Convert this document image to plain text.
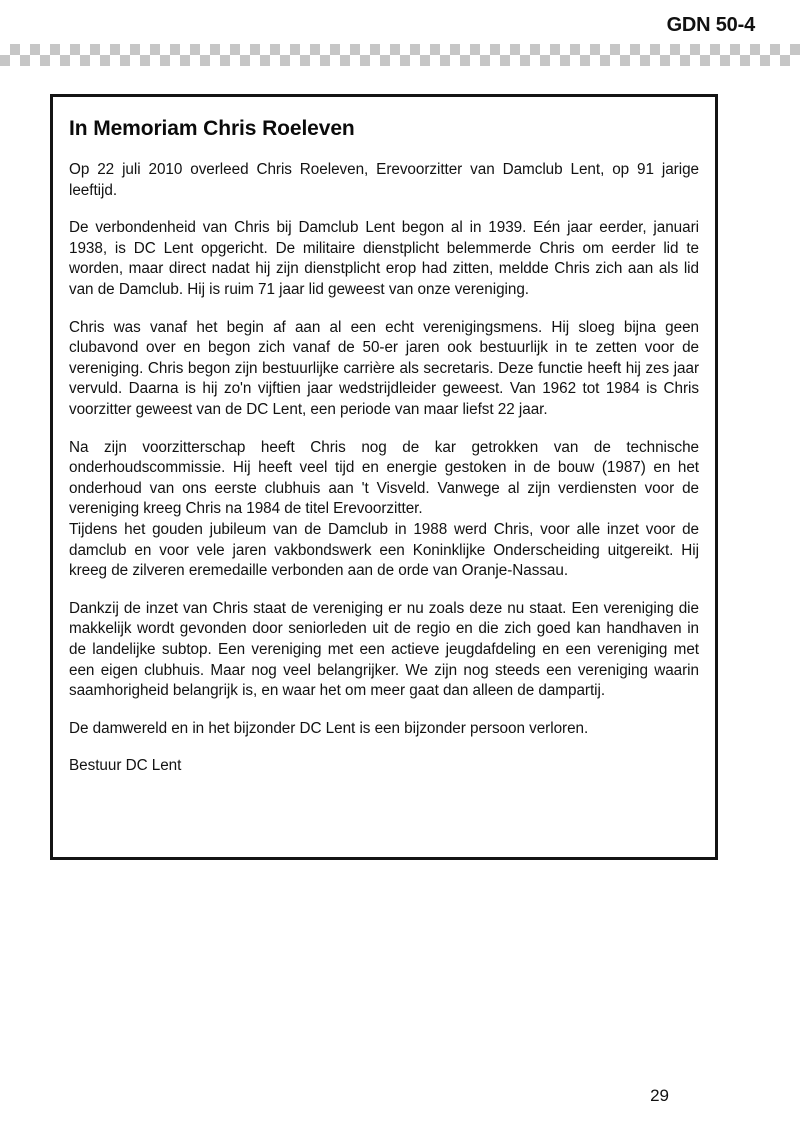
GDN 50-4
In Memoriam Chris Roeleven

Op 22 juli 2010 overleed Chris Roeleven, Erevoorzitter van Damclub Lent, op 91 jarige leeftijd.

De verbondenheid van Chris bij Damclub Lent begon al in 1939. Eén jaar eerder, januari 1938, is DC Lent opgericht. De militaire dienstplicht belemmerde Chris om eerder lid te worden, maar direct nadat hij zijn dienstplicht erop had zitten, meldde Chris zich aan als lid van de Damclub. Hij is ruim 71 jaar lid geweest van onze vereniging.

Chris was vanaf het begin af aan al een echt verenigingsmens. Hij sloeg bijna geen clubavond over en begon zich vanaf de 50-er jaren ook bestuurlijk in te zetten voor de vereniging. Chris begon zijn bestuurlijke carrière als secretaris. Deze functie heeft hij zes jaar vervuld. Daarna is hij zo'n vijftien jaar wedstrijdleider geweest. Van 1962 tot 1984 is Chris voorzitter geweest van de DC Lent, een periode van maar liefst 22 jaar.

Na zijn voorzitterschap heeft Chris nog de kar getrokken van de technische onderhoudscommissie. Hij heeft veel tijd en energie gestoken in de bouw (1987) en het onderhoud van ons eerste clubhuis aan 't Visveld. Vanwege al zijn verdiensten voor de vereniging kreeg Chris na 1984 de titel Erevoorzitter.

Tijdens het gouden jubileum van de Damclub in 1988 werd Chris, voor alle inzet voor de damclub en voor vele jaren vakbondswerk een Koninklijke Onderscheiding uitgereikt. Hij kreeg de zilveren eremedaille verbonden aan de orde van Oranje-Nassau.

Dankzij de inzet van Chris staat de vereniging er nu zoals deze nu staat. Een vereniging die makkelijk wordt gevonden door seniorleden uit de regio en die zich goed kan handhaven in de landelijke subtop. Een vereniging met een actieve jeugdafdeling en een vereniging met een eigen clubhuis. Maar nog veel belangrijker. We zijn nog steeds een vereniging waarin saamhorigheid belangrijk is, en waar het om meer gaat dan alleen de dampartij.

De damwereld en in het bijzonder DC Lent is een bijzonder persoon verloren.

Bestuur DC Lent

29
